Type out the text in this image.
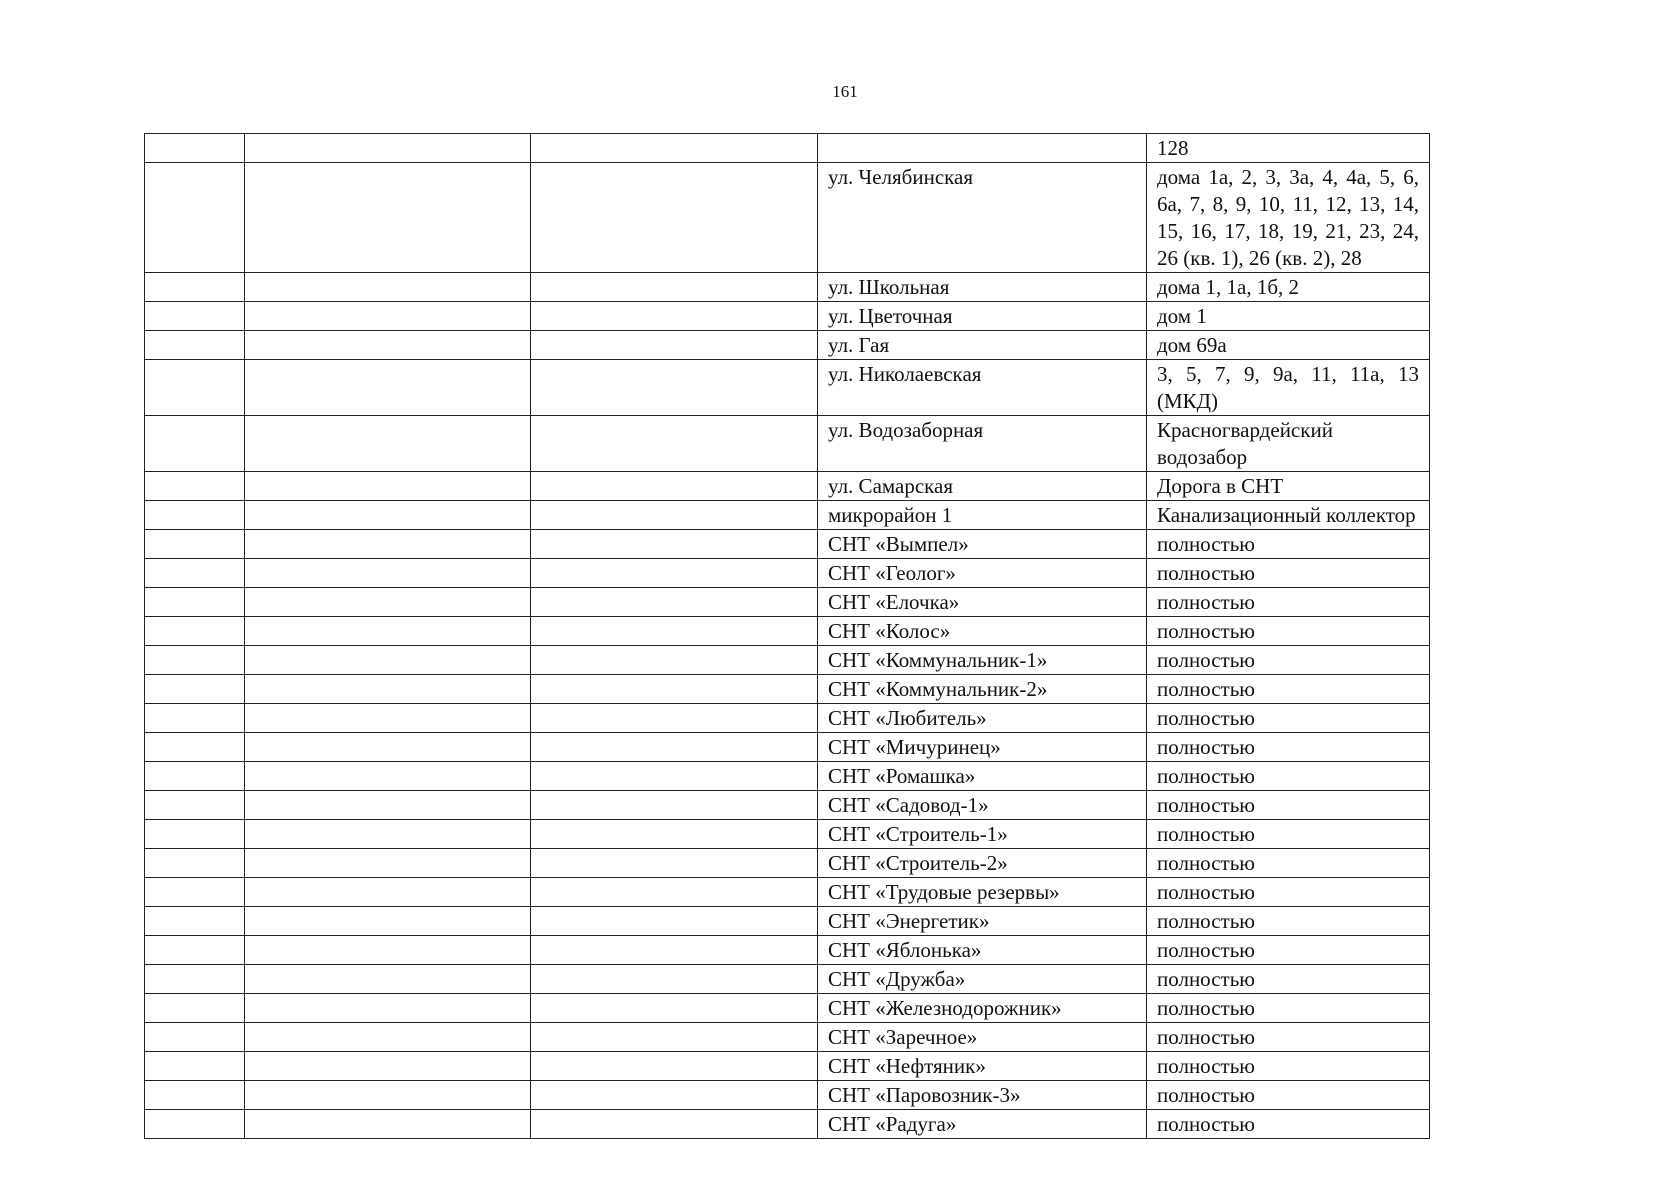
161
				128
			ул. Челябинская	дома 1а, 2, 3, 3а, 4, 4а, 5, 6, 6а, 7, 8, 9, 10, 11, 12, 13, 14, 15, 16, 17, 18, 19, 21, 23, 24, 26 (кв. 1), 26 (кв. 2), 28
			ул. Школьная	дома 1, 1а, 1б, 2
			ул. Цветочная	дом 1
			ул. Гая	дом 69а
			ул. Николаевская	3, 5, 7, 9, 9а, 11, 11а, 13 (МКД)
			ул. Водозаборная	Красногвардейский водозабор
			ул. Самарская	Дорога в СНТ
			микрорайон 1	Канализационный коллектор
			СНТ «Вымпел»	полностью
			СНТ «Геолог»	полностью
			СНТ «Елочка»	полностью
			СНТ «Колос»	полностью
			СНТ «Коммунальник-1»	полностью
			СНТ «Коммунальник-2»	полностью
			СНТ «Любитель»	полностью
			СНТ «Мичуринец»	полностью
			СНТ «Ромашка»	полностью
			СНТ «Садовод-1»	полностью
			СНТ «Строитель-1»	полностью
			СНТ «Строитель-2»	полностью
			СНТ «Трудовые резервы»	полностью
			СНТ «Энергетик»	полностью
			СНТ «Яблонька»	полностью
			СНТ «Дружба»	полностью
			СНТ «Железнодорожник»	полностью
			СНТ «Заречное»	полностью
			СНТ «Нефтяник»	полностью
			СНТ «Паровозник-3»	полностью
			СНТ «Радуга»	полностью
